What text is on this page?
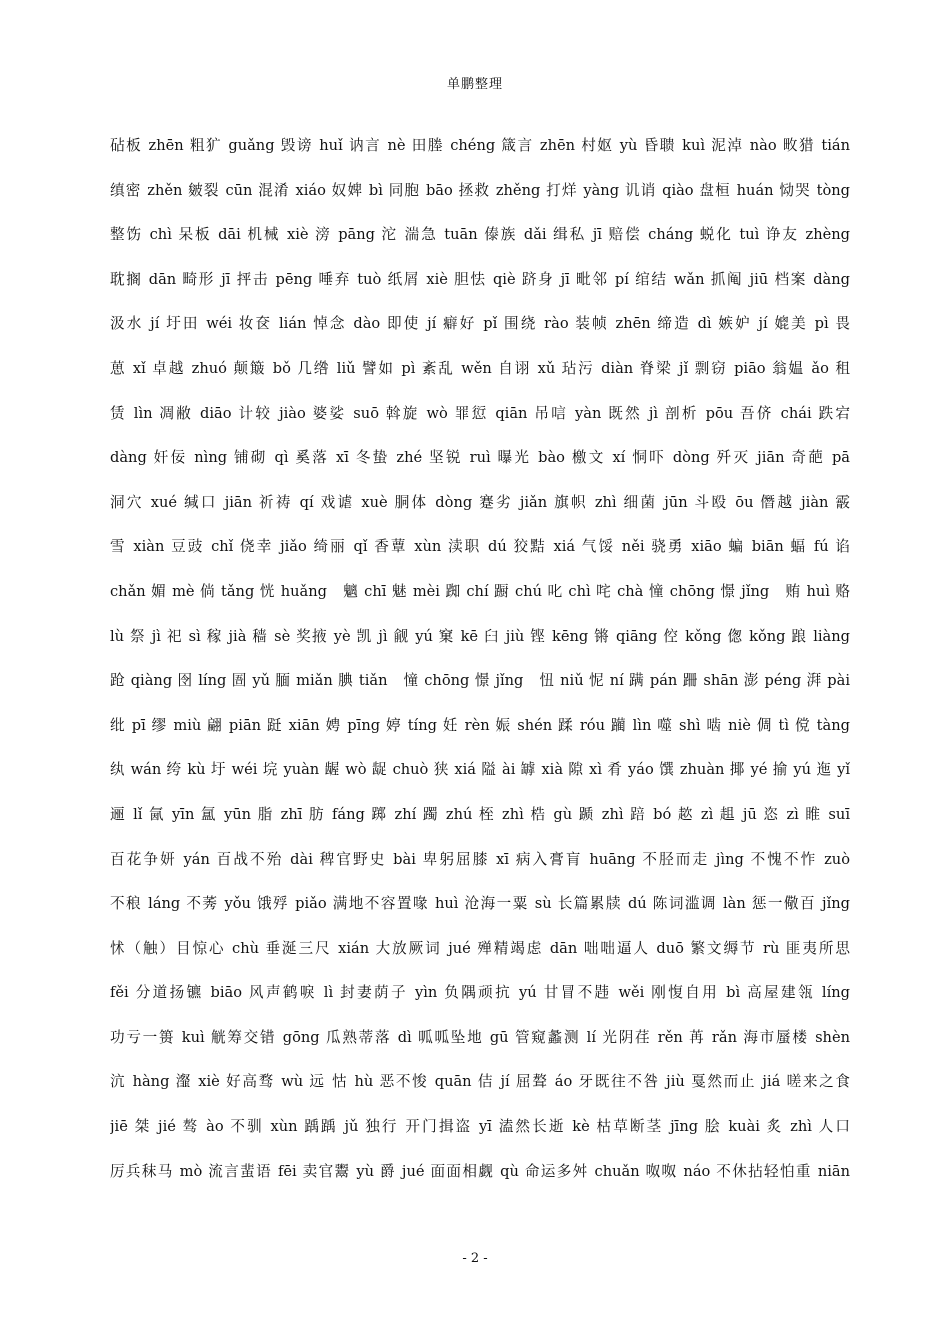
单鹏整理
砧板 zhēn 粗犷 guǎng 毁谤 huǐ 讷言 nè 田塍 chéng 箴言 zhēn 村妪 yù 昏聩 kuì 泥淖 nào 畋猎 tián
缜密 zhěn 皴裂 cūn 混淆 xiáo 奴婢 bì 同胞 bāo 拯救 zhěng 打烊 yàng 讥诮 qiào 盘桓 huán 恸哭 tòng
整饬 chì 呆板 dāi 机械 xiè 滂 pāng 沱 湍急 tuān 傣族 dǎi 缉私 jī 赔偿 cháng 蜕化 tuì 诤友 zhèng
耽搁 dān 畸形 jī 抨击 pēng 唾弃 tuò 纸屑 xiè 胆怯 qiè 跻身 jī 毗邻 pí 绾结 wǎn 抓阄 jiū 档案 dàng
汲水 jí 圩田 wéi 妆奁 lián 悼念 dào 即使 jí 癖好 pǐ 围绕 rào 装帧 zhēn 缔造 dì 嫉妒 jí 媲美 pì 畏
葸 xǐ 卓越 zhuó 颠簸 bǒ 几绺 liǔ 譬如 pì 紊乱 wěn 自诩 xǔ 玷污 diàn 脊梁 jǐ 剽窃 piāo 翁媪 ǎo 租
赁 lìn 凋敝 diāo 计较 jiào 婆娑 suō 斡旋 wò 罪愆 qiān 吊唁 yàn 既然 jì 剖析 pōu 吾侪 chái 跌宕
dàng 奸佞 nìng 铺砌 qì 奚落 xī 冬蛰 zhé 坚锐 ruì 曝光 bào 檄文 xí 恫吓 dòng 歼灭 jiān 奇葩 pā
洞穴 xué 缄口 jiān 祈祷 qí 戏谑 xuè 胴体 dòng 蹇劣 jiǎn 旗帜 zhì 细菌 jūn 斗殴 ōu 僭越 jiàn 霰
雪 xiàn 豆豉 chǐ 侥幸 jiǎo 绮丽 qǐ 香蕈 xùn 渎职 dú 狡黠 xiá 气馁 něi 骁勇 xiāo 蝙 biān 蝠 fú 谄
chǎn 媚 mè 倘 tǎng 恍 huǎng　魑 chī 魅 mèi 踟 chí 蹰 chú 叱 chì 咤 chà 憧 chōng 憬 jǐng　贿 huì 赂
lù 祭 jì 祀 sì 稼 jià 穑 sè 奖掖 yè 凯 jì 觎 yú 窠 kē 臼 jiù 铿 kēng 锵 qiāng 倥 kǒng 偬 kǒng 踉 liàng
跄 qiàng 囹 líng 圄 yǔ 腼 miǎn 腆 tiǎn　憧 chōng 憬 jǐng　忸 niǔ 怩 ní 蹒 pán 跚 shān 澎 péng 湃 pài
纰 pī 缪 miù 翩 piān 跹 xiān 娉 pīng 婷 tíng 妊 rèn 娠 shén 蹂 róu 躏 lìn 噬 shì 啮 niè 倜 tì 傥 tàng
纨 wán 绔 kù 圩 wéi 垸 yuàn 龌 wò 龊 chuò 狭 xiá 隘 ài 罅 xià 隙 xì 肴 yáo 馔 zhuàn 揶 yé 揄 yú 迤 yǐ
逦 lǐ 氤 yīn 氲 yūn 脂 zhī 肪 fáng 踯 zhí 躅 zhú 桎 zhì 梏 gù 踬 zhì 踣 bó 趑 zì 趄 jū 恣 zì 睢 suī
百花争妍 yán 百战不殆 dài 稗官野史 bài 卑躬屈膝 xī 病入膏肓 huāng 不胫而走 jìng 不愧不怍 zuò
不稂 láng 不莠 yǒu 饿殍 piǎo 满地不容置喙 huì 沧海一粟 sù 长篇累牍 dú 陈词滥调 làn 惩一儆百 jǐng
怵（触）目惊心 chù 垂涎三尺 xián 大放厥词 jué 殚精竭虑 dān 咄咄逼人 duō 繁文缛节 rù 匪夷所思
fěi 分道扬镳 biāo 风声鹤唳 lì 封妻荫子 yìn 负隅顽抗 yú 甘冒不韪 wěi 刚愎自用 bì 高屋建瓴 líng
功亏一篑 kuì 觥筹交错 gōng 瓜熟蒂落 dì 呱呱坠地 gū 管窥蠡测 lí 光阴荏 rěn 苒 rǎn 海市蜃楼 shèn
沆 hàng 瀣 xiè 好高骛 wù 远 怙 hù 恶不悛 quān 佶 jí 屈聱 áo 牙既往不咎 jiù 戛然而止 jiá 嗟来之食
jiē 桀 jié 骜 ào 不驯 xùn 踽踽 jǔ 独行 开门揖盗 yī 溘然长逝 kè 枯草断茎 jīng 脍 kuài 炙 zhì 人口
厉兵秣马 mò 流言蜚语 fēi 卖官鬻 yù 爵 jué 面面相觑 qù 命运多舛 chuǎn 呶呶 náo 不休拈轻怕重 niān
- 2 -
